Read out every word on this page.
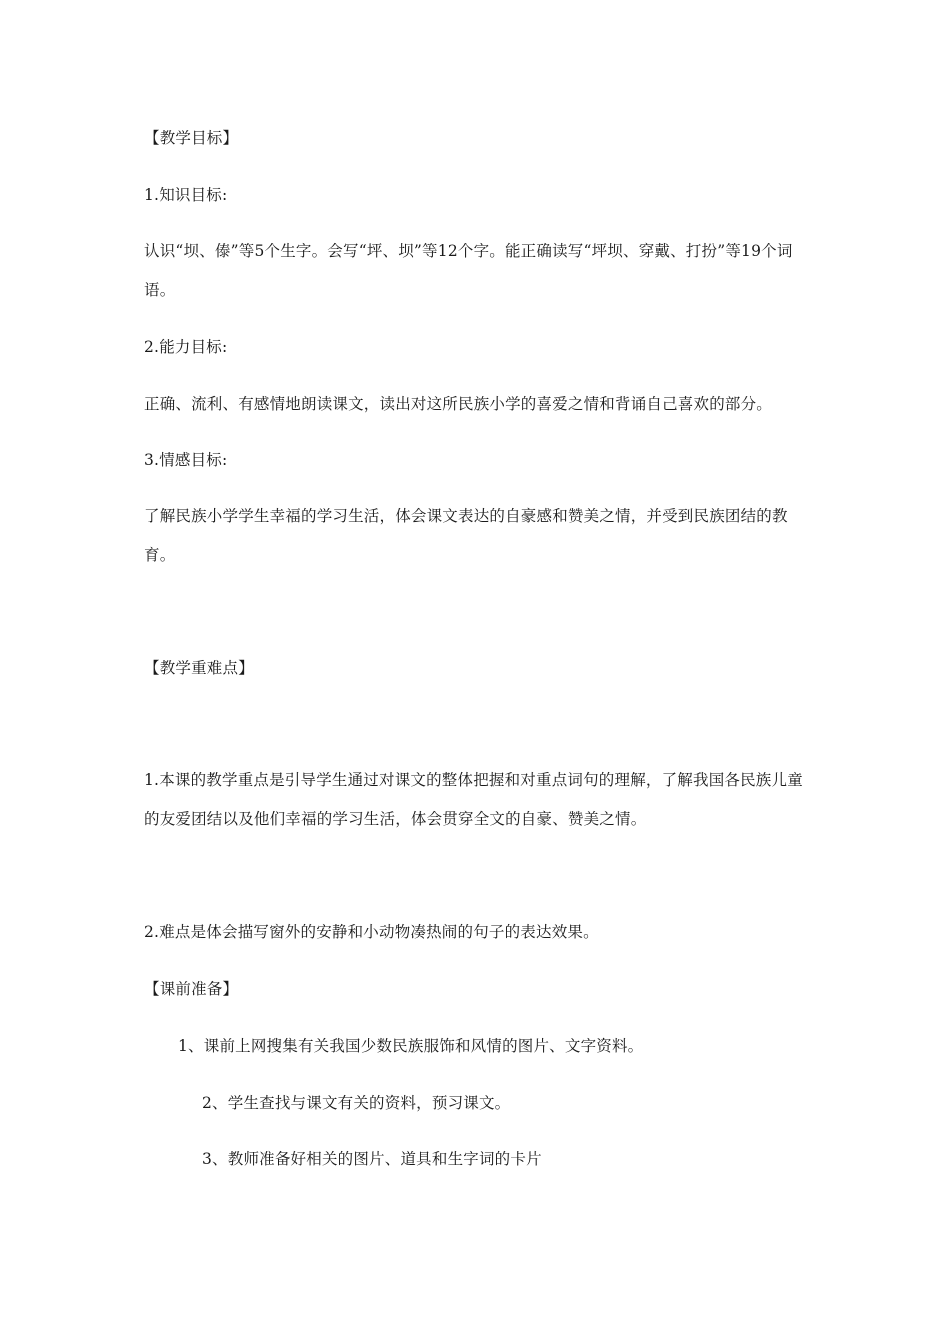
【教学目标】
1.知识目标:
认识“坝、傣”等5个生字。会写“坪、坝”等12个字。能正确读写“坪坝、穿戴、打扮”等19个词语。
2.能力目标:
正确、流利、有感情地朗读课文，读出对这所民族小学的喜爱之情和背诵自己喜欢的部分。
3.情感目标:
了解民族小学学生幸福的学习生活，体会课文表达的自豪感和赞美之情，并受到民族团结的教育。
【教学重难点】
1.本课的教学重点是引导学生通过对课文的整体把握和对重点词句的理解，了解我国各民族儿童的友爱团结以及他们幸福的学习生活，体会贯穿全文的自豪、赞美之情。
2.难点是体会描写窗外的安静和小动物凑热闹的句子的表达效果。
【课前准备】
1、课前上网搜集有关我国少数民族服饰和风情的图片、文字资料。
2、学生查找与课文有关的资料，预习课文。
3、教师准备好相关的图片、道具和生字词的卡片
